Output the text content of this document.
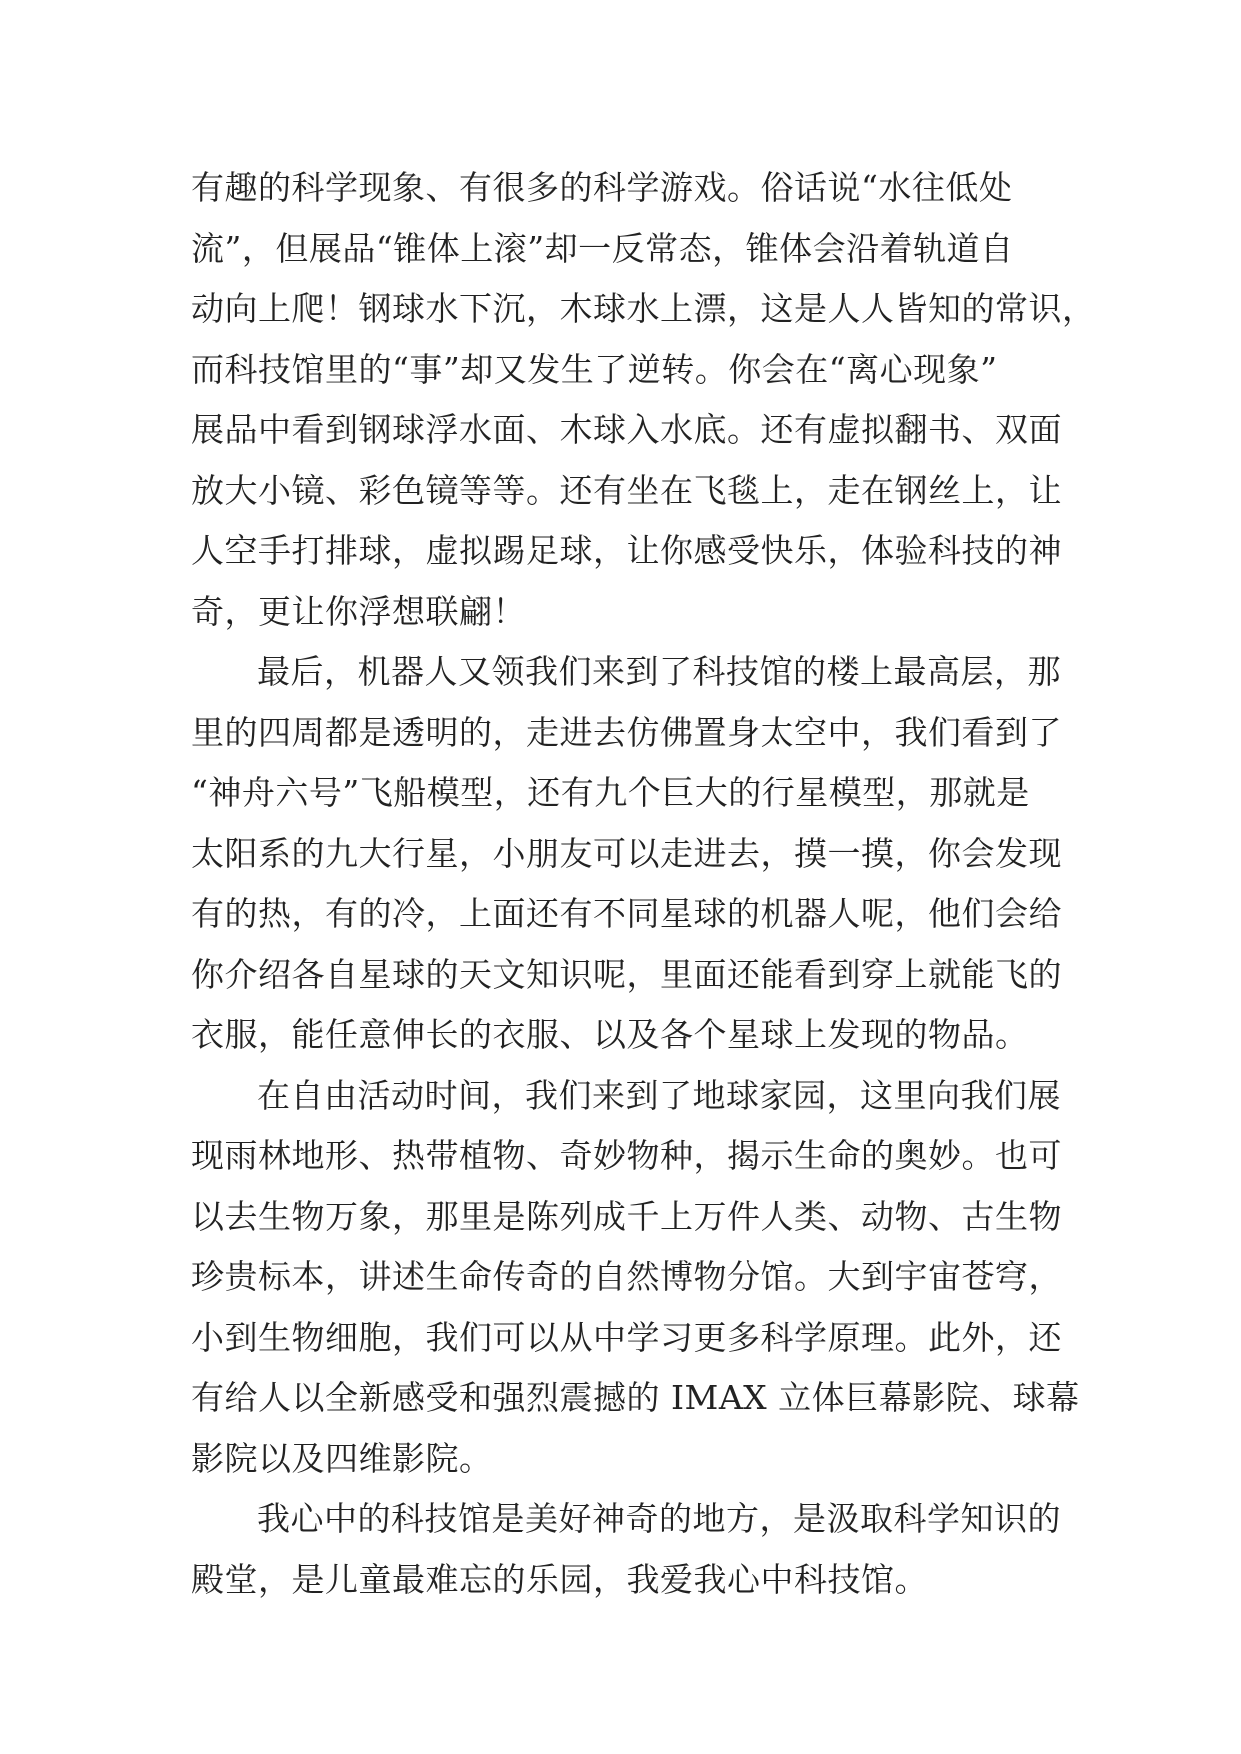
有趣的科学现象、有很多的科学游戏。俗话说“水往低处
流”，但展品“锥体上滚”却一反常态，锥体会沿着轨道自
动向上爬！钢球水下沉，木球水上漂，这是人人皆知的常识，
而科技馆里的“事”却又发生了逆转。你会在“离心现象”
展品中看到钢球浮水面、木球入水底。还有虚拟翻书、双面
放大小镜、彩色镜等等。还有坐在飞毯上，走在钢丝上，让
人空手打排球，虚拟踢足球，让你感受快乐，体验科技的神
奇，更让你浮想联翩！
最后，机器人又领我们来到了科技馆的楼上最高层，那
里的四周都是透明的，走进去仿佛置身太空中，我们看到了
“神舟六号”飞船模型，还有九个巨大的行星模型，那就是
太阳系的九大行星，小朋友可以走进去，摸一摸，你会发现
有的热，有的冷，上面还有不同星球的机器人呢，他们会给
你介绍各自星球的天文知识呢，里面还能看到穿上就能飞的
衣服，能任意伸长的衣服、以及各个星球上发现的物品。
在自由活动时间，我们来到了地球家园，这里向我们展
现雨林地形、热带植物、奇妙物种，揭示生命的奥妙。也可
以去生物万象，那里是陈列成千上万件人类、动物、古生物
珍贵标本，讲述生命传奇的自然博物分馆。大到宇宙苍穹，
小到生物细胞，我们可以从中学习更多科学原理。此外，还
有给人以全新感受和强烈震撼的 IMAX 立体巨幕影院、球幕
影院以及四维影院。
我心中的科技馆是美好神奇的地方，是汲取科学知识的
殿堂，是儿童最难忘的乐园，我爱我心中科技馆。
